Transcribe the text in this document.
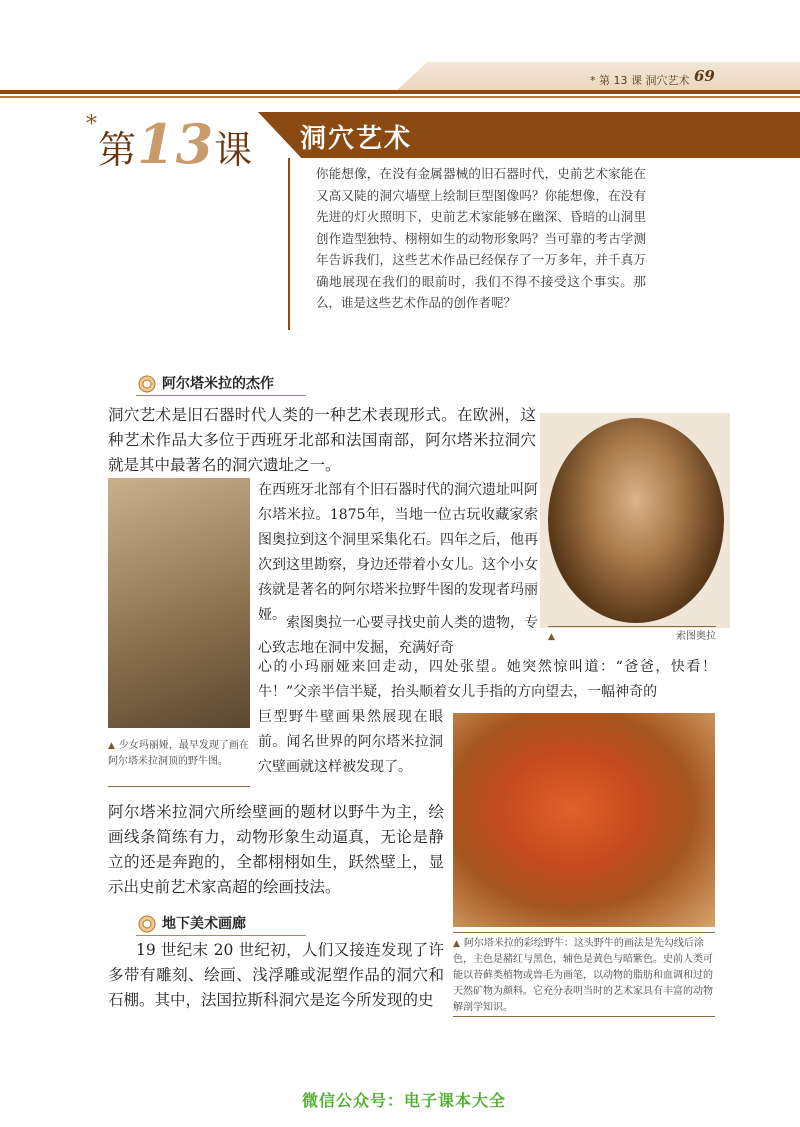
* 第 13 课 洞穴艺术 69
*第13课 洞穴艺术
你能想像，在没有金属器械的旧石器时代，史前艺术家能在又高又陡的洞穴墙壁上绘制巨型图像吗？你能想像，在没有先进的灯火照明下，史前艺术家能够在幽深、昏暗的山洞里创作造型独特、栩栩如生的动物形象吗？当可靠的考古学测年告诉我们，这些艺术作品已经保存了一万多年，并千真万确地展现在我们的眼前时，我们不得不接受这个事实。那么，谁是这些艺术作品的创作者呢？
阿尔塔米拉的杰作
洞穴艺术是旧石器时代人类的一种艺术表现形式。在欧洲，这种艺术作品大多位于西班牙北部和法国南部，阿尔塔米拉洞穴就是其中最著名的洞穴遗址之一。
▲ 少女玛丽娅，最早发现了画在阿尔塔米拉洞顶的野牛图。
在西班牙北部有个旧石器时代的洞穴遗址叫阿尔塔米拉。1875年，当地一位古玩收藏家索图奥拉到这个洞里采集化石。四年之后，他再次到这里勘察，身边还带着小女儿。这个小女孩就是著名的阿尔塔米拉野牛图的发现者玛丽娅。 索图奥拉一心要寻找史前人类的遗物，专心致志地在洞中发掘，充满好奇
心的小玛丽娅来回走动，四处张望。她突然惊叫道：“爸爸，快看！牛！”父亲半信半疑，抬头顺着女儿手指的方向望去，一幅神奇的
巨型野牛壁画果然展现在眼前。闻名世界的阿尔塔米拉洞穴壁画就这样被发现了。
▲	索图奥拉
阿尔塔米拉洞穴所绘壁画的题材以野牛为主，绘画线条简练有力，动物形象生动逼真，无论是静立的还是奔跑的，全都栩栩如生，跃然壁上，显示出史前艺术家高超的绘画技法。
▲ 阿尔塔米拉的彩绘野牛：这头野牛的画法是先勾线后涂色，主色是赭红与黑色，辅色是黄色与暗紫色。史前人类可能以苔藓类植物或兽毛为画笔，以动物的脂肪和血调和过的天然矿物为颜料。它充分表明当时的艺术家具有丰富的动物解剖学知识。
地下美术画廊
19 世纪末 20 世纪初，人们又接连发现了许多带有雕刻、绘画、浅浮雕或泥塑作品的洞穴和石棚。其中，法国拉斯科洞穴是迄今所发现的史
微信公众号：电子课本大全
